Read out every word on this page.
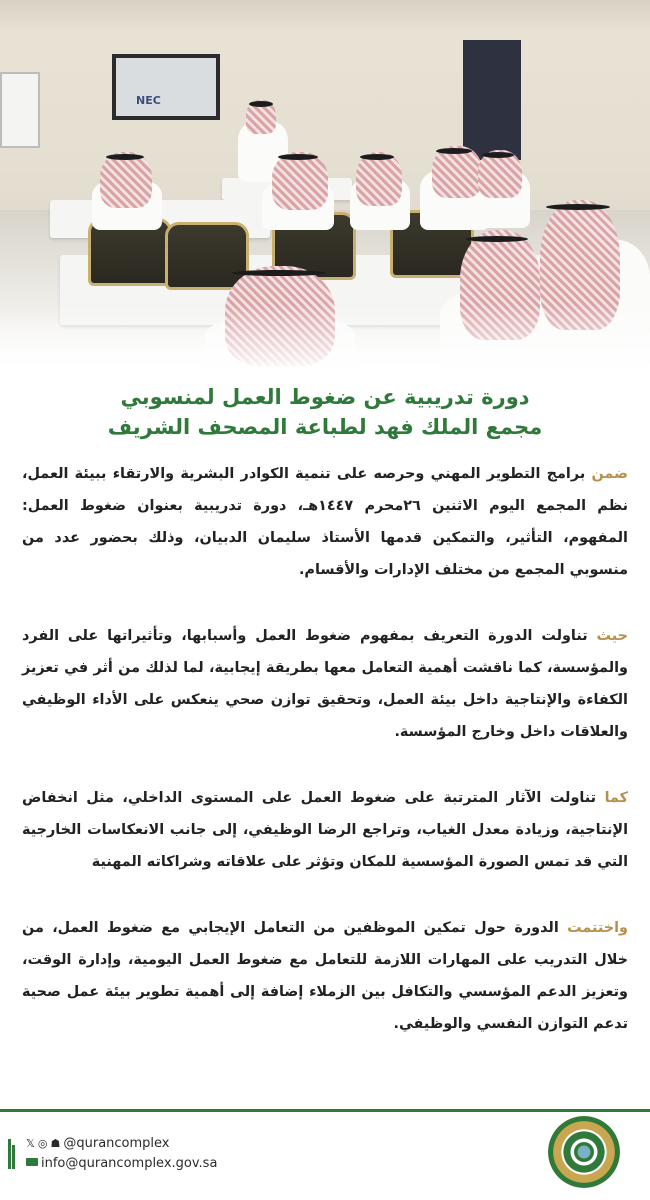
NEC
دورة تدريبية عن ضغوط العمل لمنسوبي
مجمع الملك فهد لطباعة المصحف الشريف

ضمن برامج التطوير المهني وحرصه على تنمية الكوادر البشرية والارتقاء ببيئة العمل، نظم المجمع اليوم الاثنين ٢٦محرم ١٤٤٧هـ، دورة تدريبية بعنوان ضغوط العمل: المفهوم، التأثير، والتمكين قدمها الأستاذ سليمان الدبيان، وذلك بحضور عدد من منسوبي المجمع من مختلف الإدارات والأقسام.

حيث تناولت الدورة التعريف بمفهوم ضغوط العمل وأسبابها، وتأثيراتها على الفرد والمؤسسة، كما ناقشت أهمية التعامل معها بطريقة إيجابية، لما لذلك من أثر في تعزيز الكفاءة والإنتاجية داخل بيئة العمل، وتحقيق توازن صحي ينعكس على الأداء الوظيفي والعلاقات داخل وخارج المؤسسة.

كما تناولت الآثار المترتبة على ضغوط العمل على المستوى الداخلي، مثل انخفاض الإنتاجية، وزيادة معدل الغياب، وتراجع الرضا الوظيفي، إلى جانب الانعكاسات الخارجية التي قد تمس الصورة المؤسسية للمكان وتؤثر على علاقاته وشراكاته المهنية

واختتمت الدورة حول تمكين الموظفين من التعامل الإيجابي مع ضغوط العمل، من خلال التدريب على المهارات اللازمة للتعامل مع ضغوط العمل اليومية، وإدارة الوقت، وتعزيز الدعم المؤسسي والتكافل بين الزملاء إضافة إلى أهمية تطوير بيئة عمل صحية تدعم التوازن النفسي والوظيفي.

𝕏 ◎ ☗ @qurancomplex
info@qurancomplex.gov.sa
